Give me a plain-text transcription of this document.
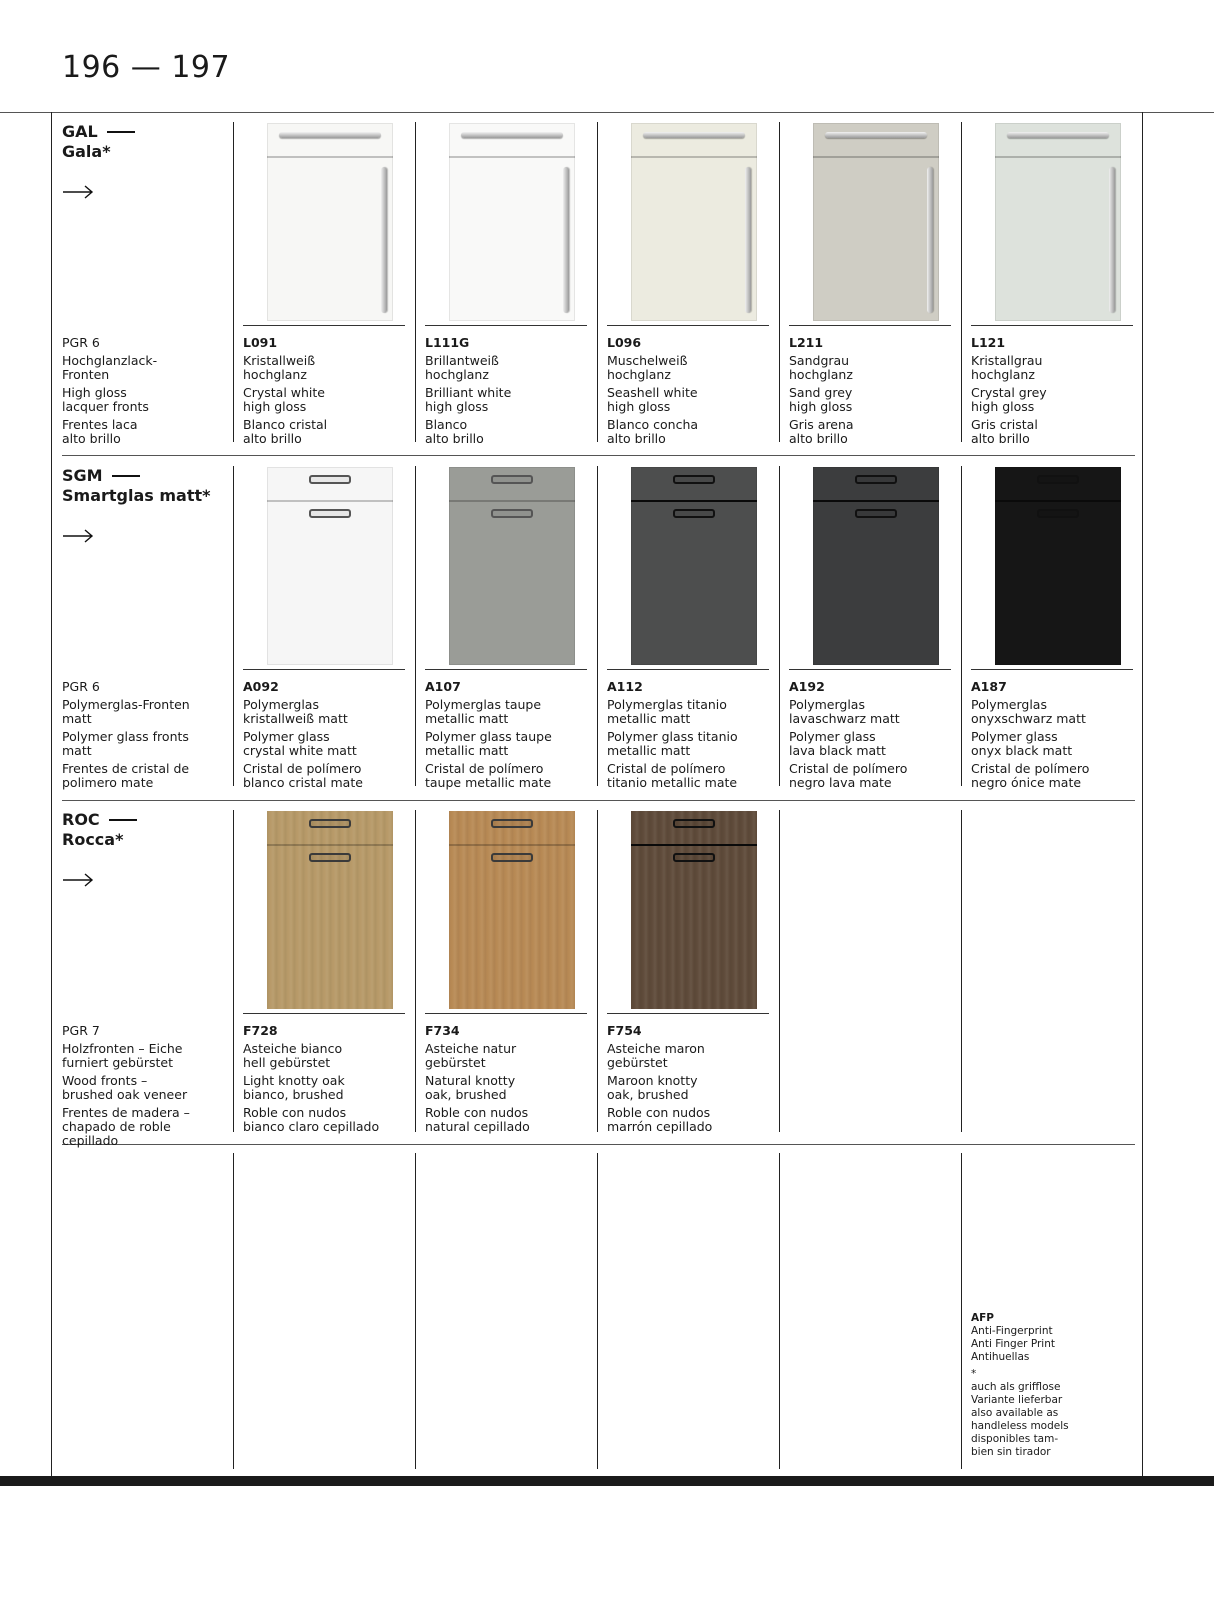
196 — 197
GAL
Gala*

PGR 6

Hochglanzlack-
Fronten

High gloss
lacquer fronts

Frentes laca
alto brillo

L091

Kristallweiß
hochglanz

Crystal white
high gloss

Blanco cristal
alto brillo

L111G

Brillantweiß
hochglanz

Brilliant white
high gloss

Blanco
alto brillo

L096

Muschelweiß
hochglanz

Seashell white
high gloss

Blanco concha
alto brillo

L211

Sandgrau
hochglanz

Sand grey
high gloss

Gris arena
alto brillo

L121

Kristallgrau
hochglanz

Crystal grey
high gloss

Gris cristal
alto brillo

SGM
Smartglas matt*

PGR 6

Polymerglas-Fronten
matt

Polymer glass fronts
matt

Frentes de cristal de
polimero mate

A092

Polymerglas
kristallweiß matt

Polymer glass
crystal white matt

Cristal de polímero
blanco cristal mate

A107

Polymerglas taupe
metallic matt

Polymer glass taupe
metallic matt

Cristal de polímero
taupe metallic mate

A112

Polymerglas titanio
metallic matt

Polymer glass titanio
metallic matt

Cristal de polímero
titanio metallic mate

A192

Polymerglas
lavaschwarz matt

Polymer glass
lava black matt

Cristal de polímero
negro lava mate

A187

Polymerglas
onyxschwarz matt

Polymer glass
onyx black matt

Cristal de polímero
negro ónice mate

ROC
Rocca*

PGR 7

Holzfronten – Eiche
furniert gebürstet

Wood fronts –
brushed oak veneer

Frentes de madera –
chapado de roble
cepillado

F728

Asteiche bianco
hell gebürstet

Light knotty oak
bianco, brushed

Roble con nudos
bianco claro cepillado

F734

Asteiche natur
gebürstet

Natural knotty
oak, brushed

Roble con nudos
natural cepillado

F754

Asteiche maron
gebürstet

Maroon knotty
oak, brushed

Roble con nudos
marrón cepillado

AFP

Anti-Fingerprint
Anti Finger Print
Antihuellas

*

auch als grifflose
Variante lieferbar
also available as
handleless models
disponibles tam-
bien sin tirador
